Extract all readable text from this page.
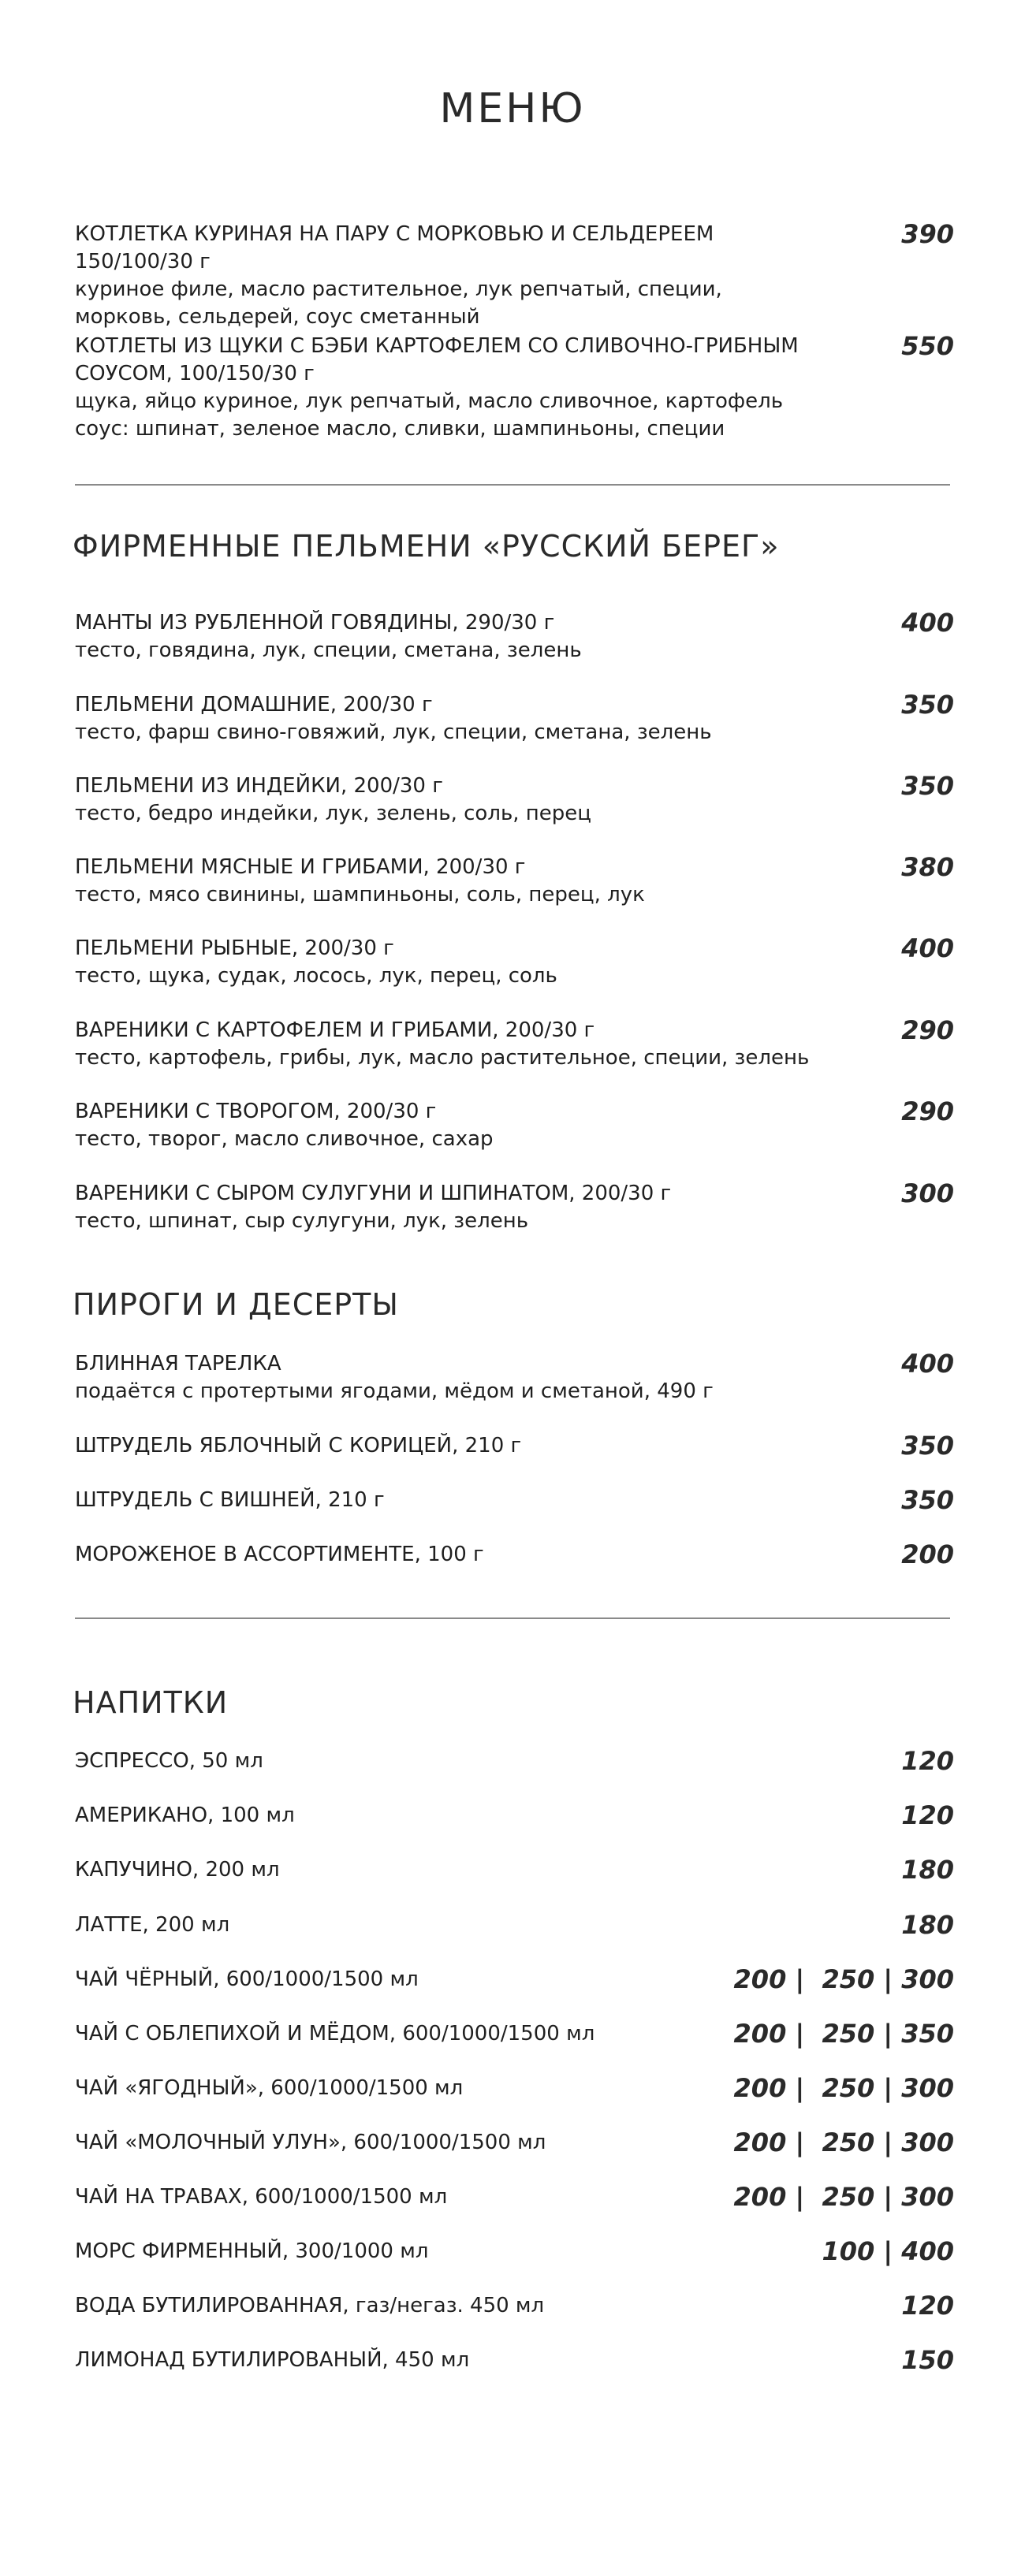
МЕНЮ
КОТЛЕТКА КУРИНАЯ НА ПАРУ С МОРКОВЬЮ И СЕЛЬДЕРЕЕМ 150/100/30 г
куриное филе, масло растительное, лук репчатый, специи, морковь, сельдерей, соус сметанный
390
КОТЛЕТЫ ИЗ ЩУКИ С БЭБИ КАРТОФЕЛЕМ СО СЛИВОЧНО-ГРИБНЫМ СОУСОМ, 100/150/30 г
щука, яйцо куриное, лук репчатый, масло сливочное, картофель
соус: шпинат, зеленое масло, сливки, шампиньоны, специи
550
ФИРМЕННЫЕ ПЕЛЬМЕНИ «РУССКИЙ БЕРЕГ»
МАНТЫ ИЗ РУБЛЕННОЙ ГОВЯДИНЫ, 290/30 г
тесто, говядина, лук, специи, сметана, зелень
400
ПЕЛЬМЕНИ ДОМАШНИЕ, 200/30 г
тесто, фарш свино-говяжий, лук, специи, сметана, зелень
350
ПЕЛЬМЕНИ ИЗ ИНДЕЙКИ, 200/30 г
тесто, бедро индейки, лук, зелень, соль, перец
350
ПЕЛЬМЕНИ МЯСНЫЕ И ГРИБАМИ, 200/30 г
тесто, мясо свинины, шампиньоны, соль, перец, лук
380
ПЕЛЬМЕНИ РЫБНЫЕ, 200/30 г
тесто, щука, судак, лосось, лук, перец, соль
400
ВАРЕНИКИ С КАРТОФЕЛЕМ И ГРИБАМИ, 200/30 г
тесто, картофель, грибы, лук, масло растительное, специи, зелень
290
ВАРЕНИКИ С ТВОРОГОМ, 200/30 г
тесто, творог, масло сливочное, сахар
290
ВАРЕНИКИ С СЫРОМ СУЛУГУНИ И ШПИНАТОМ, 200/30 г
тесто, шпинат, сыр сулугуни, лук, зелень
300
ПИРОГИ И ДЕСЕРТЫ
БЛИННАЯ ТАРЕЛКА
подаётся с протертыми ягодами, мёдом и сметаной, 490 г
400
ШТРУДЕЛЬ ЯБЛОЧНЫЙ С КОРИЦЕЙ, 210 г	350
ШТРУДЕЛЬ С ВИШНЕЙ, 210 г	350
МОРОЖЕНОЕ В АССОРТИМЕНТЕ, 100 г	200
НАПИТКИ
ЭСПРЕССО, 50 мл	120
АМЕРИКАНО, 100 мл	120
КАПУЧИНО, 200 мл	180
ЛАТТЕ, 200 мл	180
ЧАЙ ЧЁРНЫЙ, 600/1000/1500 мл	200 |  250 | 300
ЧАЙ С ОБЛЕПИХОЙ И МЁДОМ, 600/1000/1500 мл	200 |  250 | 350
ЧАЙ «ЯГОДНЫЙ», 600/1000/1500 мл	200 |  250 | 300
ЧАЙ «МОЛОЧНЫЙ УЛУН», 600/1000/1500 мл	200 |  250 | 300
ЧАЙ НА ТРАВАХ, 600/1000/1500 мл	200 |  250 | 300
МОРС ФИРМЕННЫЙ, 300/1000 мл	100 | 400
ВОДА БУТИЛИРОВАННАЯ, газ/негаз. 450 мл	120
ЛИМОНАД БУТИЛИРОВАНЫЙ, 450 мл	150
